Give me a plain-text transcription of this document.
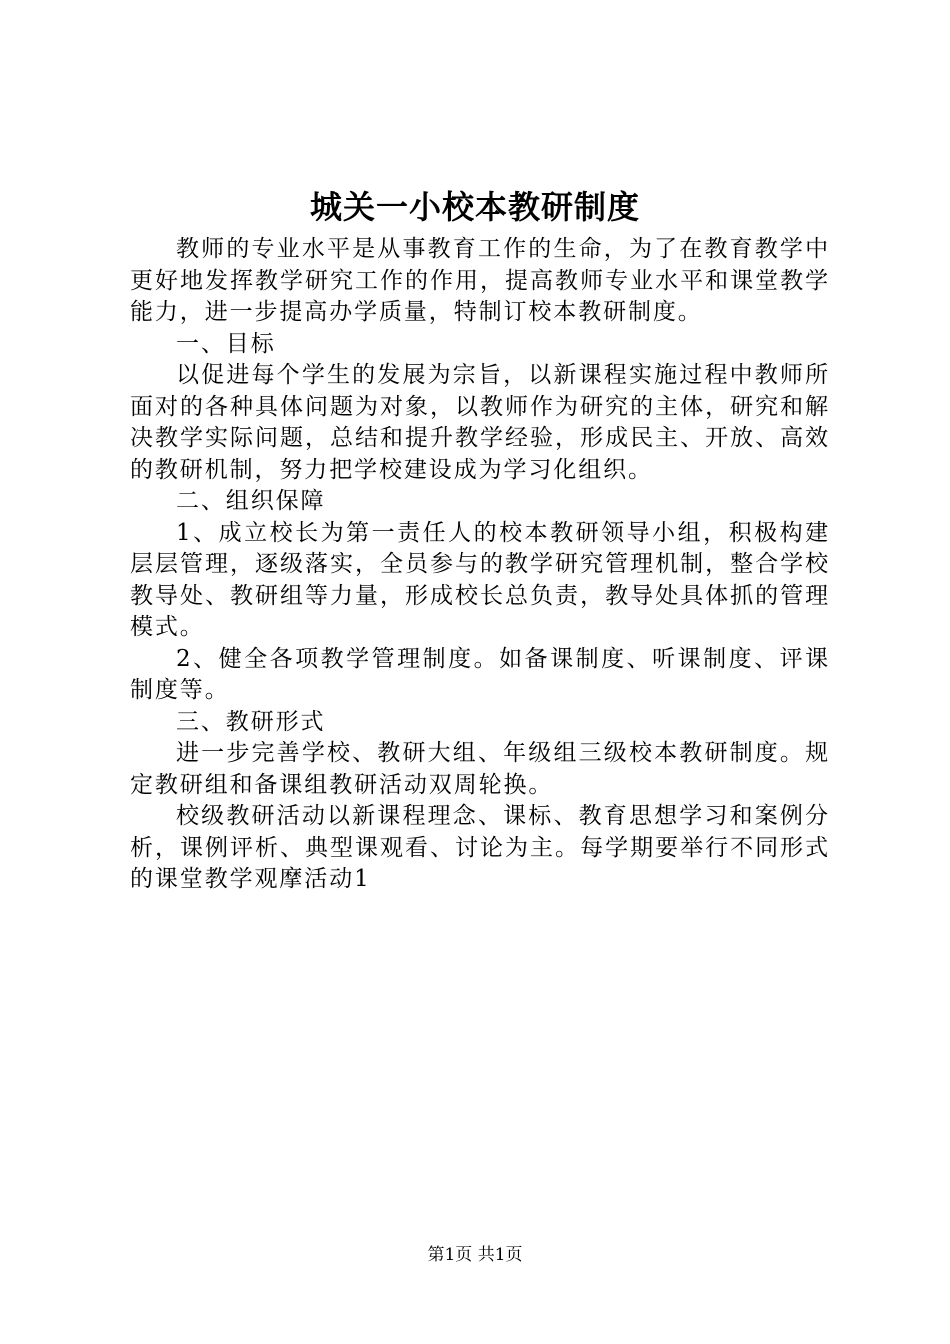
城关一小校本教研制度

教师的专业水平是从事教育工作的生命，为了在教育教学中更好地发挥教学研究工作的作用，提高教师专业水平和课堂教学能力，进一步提高办学质量，特制订校本教研制度。

一、目标

以促进每个学生的发展为宗旨，以新课程实施过程中教师所面对的各种具体问题为对象，以教师作为研究的主体，研究和解决教学实际问题，总结和提升教学经验，形成民主、开放、高效的教研机制，努力把学校建设成为学习化组织。

二、组织保障

1、成立校长为第一责任人的校本教研领导小组，积极构建层层管理，逐级落实，全员参与的教学研究管理机制，整合学校教导处、教研组等力量，形成校长总负责，教导处具体抓的管理模式。

2、健全各项教学管理制度。如备课制度、听课制度、评课制度等。

三、教研形式

进一步完善学校、教研大组、年级组三级校本教研制度。规定教研组和备课组教研活动双周轮换。

校级教研活动以新课程理念、课标、教育思想学习和案例分析，课例评析、典型课观看、讨论为主。每学期要举行不同形式的课堂教学观摩活动1

第1页 共1页
